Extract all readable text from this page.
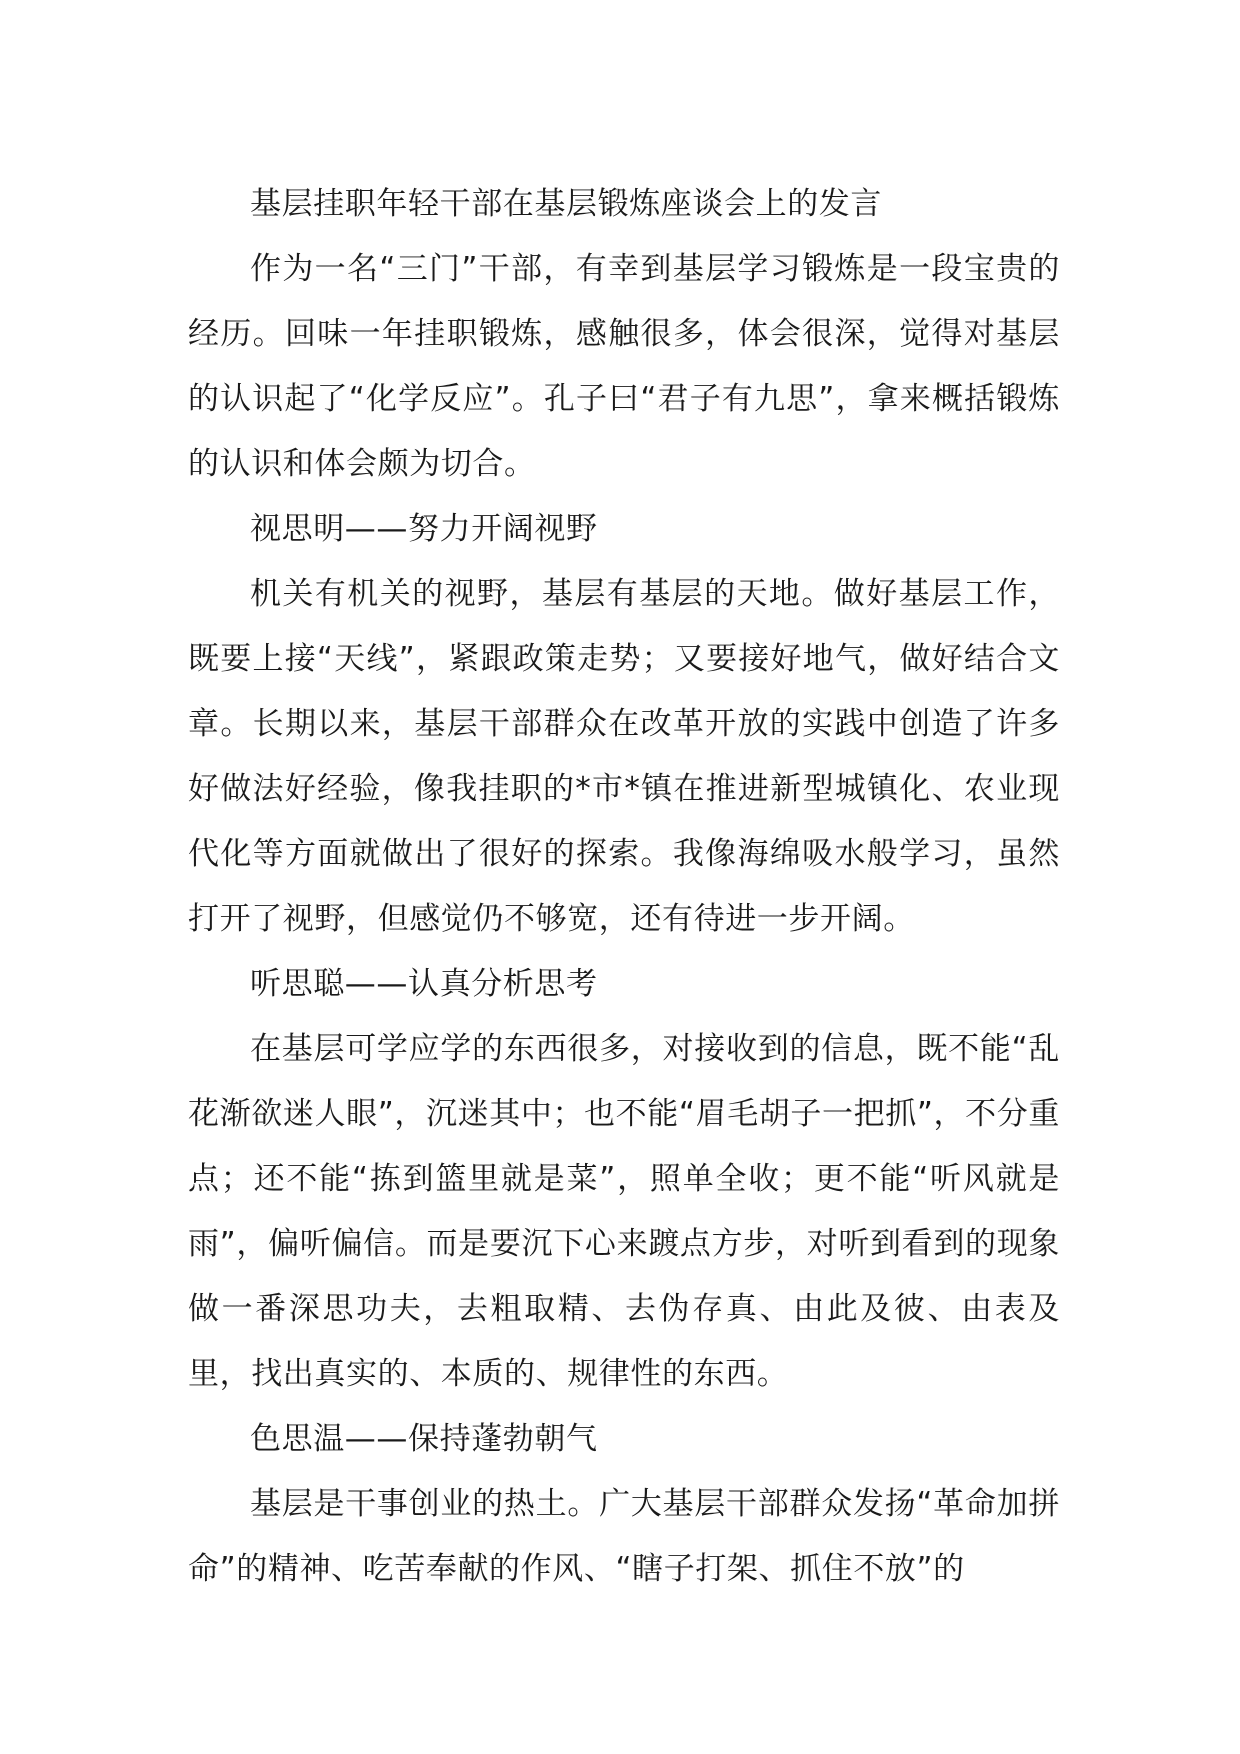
基层挂职年轻干部在基层锻炼座谈会上的发言

作为一名“三门”干部，有幸到基层学习锻炼是一段宝贵的经历。回味一年挂职锻炼，感触很多，体会很深，觉得对基层的认识起了“化学反应”。孔子曰“君子有九思”，拿来概括锻炼的认识和体会颇为切合。

视思明——努力开阔视野

机关有机关的视野，基层有基层的天地。做好基层工作，既要上接“天线”，紧跟政策走势；又要接好地气，做好结合文章。长期以来，基层干部群众在改革开放的实践中创造了许多好做法好经验，像我挂职的*市*镇在推进新型城镇化、农业现代化等方面就做出了很好的探索。我像海绵吸水般学习，虽然打开了视野，但感觉仍不够宽，还有待进一步开阔。

听思聪——认真分析思考

在基层可学应学的东西很多，对接收到的信息，既不能“乱花渐欲迷人眼”，沉迷其中；也不能“眉毛胡子一把抓”，不分重点；还不能“拣到篮里就是菜”，照单全收；更不能“听风就是雨”，偏听偏信。而是要沉下心来踱点方步，对听到看到的现象做一番深思功夫，去粗取精、去伪存真、由此及彼、由表及里，找出真实的、本质的、规律性的东西。

色思温——保持蓬勃朝气

基层是干事创业的热土。广大基层干部群众发扬“革命加拼命”的精神、吃苦奉献的作风、“瞎子打架、抓住不放”的
